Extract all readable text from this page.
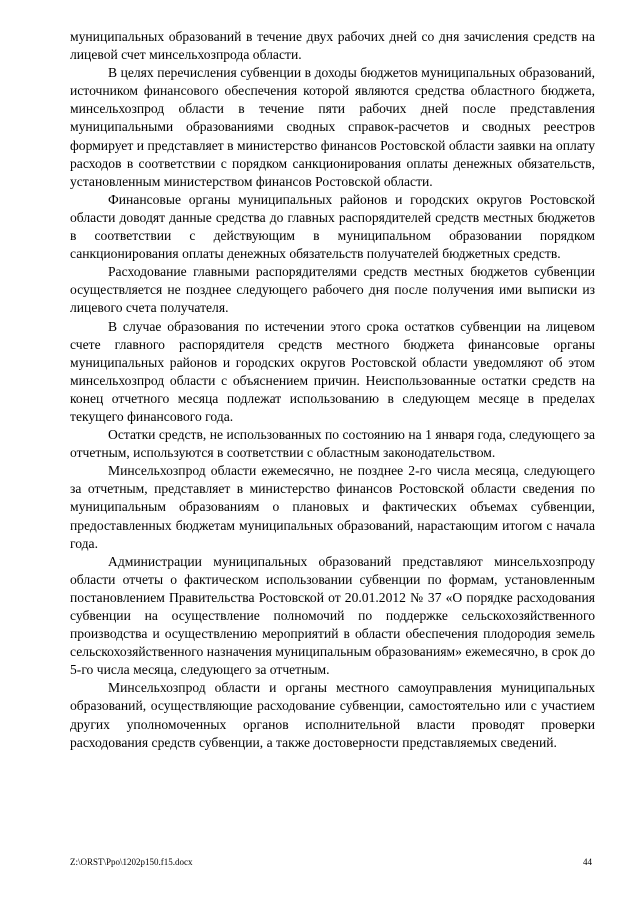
муниципальных образований в течение двух рабочих дней со дня зачисления средств на лицевой счет минсельхозпрода области.

В целях перечисления субвенции в доходы бюджетов муниципальных образований, источником финансового обеспечения которой являются средства областного бюджета, минсельхозпрод области в течение пяти рабочих дней после представления муниципальными образованиями сводных справок-расчетов и сводных реестров формирует и представляет в министерство финансов Ростовской области заявки на оплату расходов в соответствии с порядком санкционирования оплаты денежных обязательств, установленным министерством финансов Ростовской области.

Финансовые органы муниципальных районов и городских округов Ростовской области доводят данные средства до главных распорядителей средств местных бюджетов в соответствии с действующим в муниципальном образовании порядком санкционирования оплаты денежных обязательств получателей бюджетных средств.

Расходование главными распорядителями средств местных бюджетов субвенции осуществляется не позднее следующего рабочего дня после получения ими выписки из лицевого счета получателя.

В случае образования по истечении этого срока остатков субвенции на лицевом счете главного распорядителя средств местного бюджета финансовые органы муниципальных районов и городских округов Ростовской области уведомляют об этом минсельхозпрод области с объяснением причин. Неиспользованные остатки средств на конец отчетного месяца подлежат использованию в следующем месяце в пределах текущего финансового года.

Остатки средств, не использованных по состоянию на 1 января года, следующего за отчетным, используются в соответствии с областным законодательством.

Минсельхозпрод области ежемесячно, не позднее 2-го числа месяца, следующего за отчетным, представляет в министерство финансов Ростовской области сведения по муниципальным образованиям о плановых и фактических объемах субвенции, предоставленных бюджетам муниципальных образований, нарастающим итогом с начала года.

Администрации муниципальных образований представляют минсельхозпроду области отчеты о фактическом использовании субвенции по формам, установленным постановлением Правительства Ростовской от 20.01.2012 № 37 «О порядке расходования субвенции на осуществление полномочий по поддержке сельскохозяйственного производства и осуществлению мероприятий в области обеспечения плодородия земель сельскохозяйственного назначения муниципальным образованиям» ежемесячно, в срок до 5-го числа месяца, следующего за отчетным.

Минсельхозпрод области и органы местного самоуправления муниципальных образований, осуществляющие расходование субвенции, самостоятельно или с участием других уполномоченных органов исполнительной власти проводят проверки расходования средств субвенции, а также достоверности представляемых сведений.

Z:\ORST\Ppo\1202p150.f15.docx	44
